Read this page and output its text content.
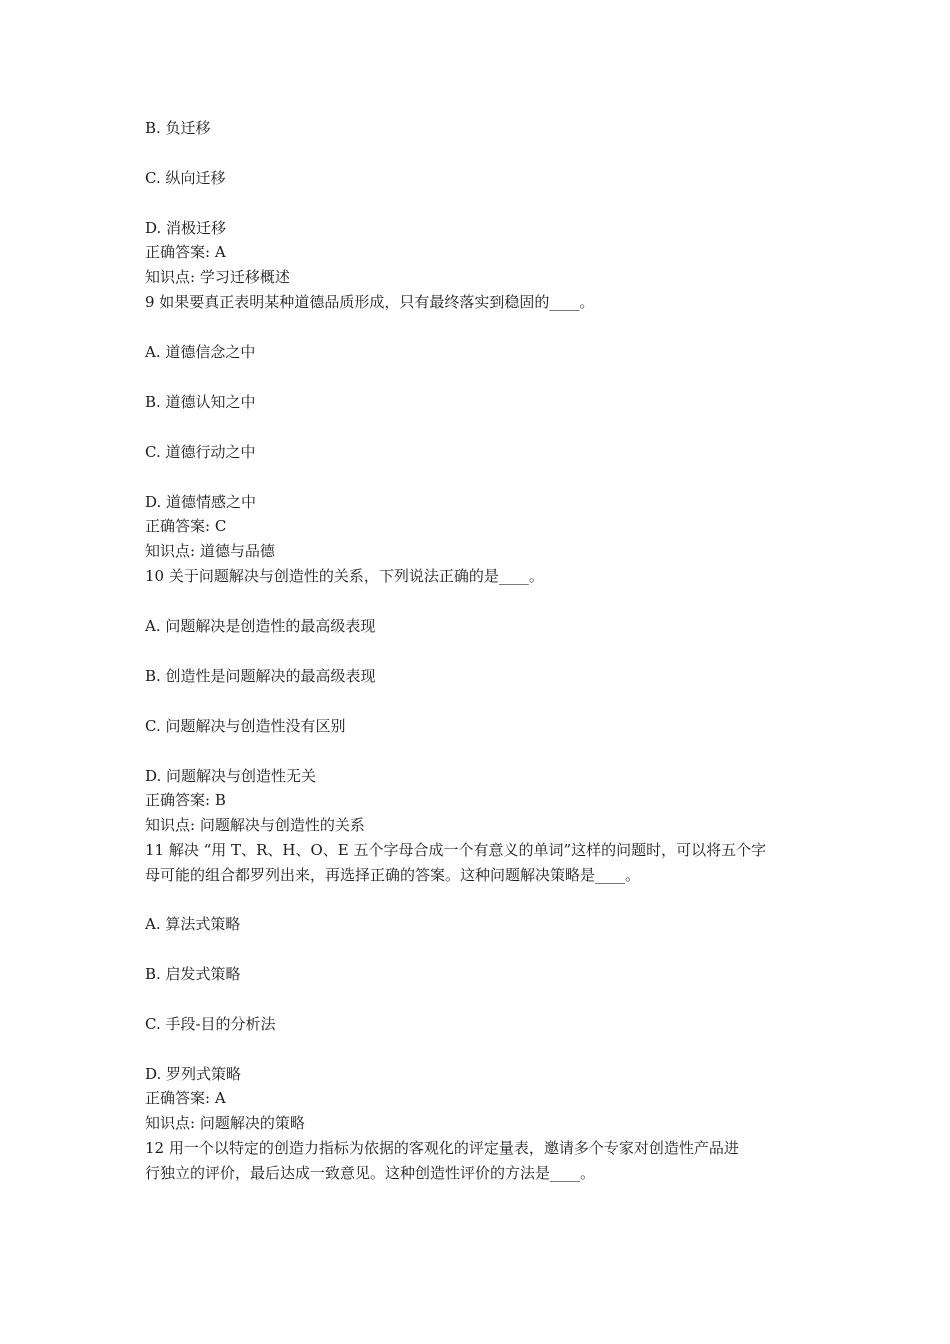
B. 负迁移
C. 纵向迁移
D. 消极迁移
正确答案: A
知识点: 学习迁移概述
9 如果要真正表明某种道德品质形成，只有最终落实到稳固的____。
A. 道德信念之中
B. 道德认知之中
C. 道德行动之中
D. 道德情感之中
正确答案: C
知识点: 道德与品德
10 关于问题解决与创造性的关系，下列说法正确的是____。
A. 问题解决是创造性的最高级表现
B. 创造性是问题解决的最高级表现
C. 问题解决与创造性没有区别
D. 问题解决与创造性无关
正确答案: B
知识点: 问题解决与创造性的关系
11 解决 “用 T、R、H、O、E 五个字母合成一个有意义的单词”这样的问题时，可以将五个字
母可能的组合都罗列出来，再选择正确的答案。这种问题解决策略是____。
A. 算法式策略
B. 启发式策略
C. 手段-目的分析法
D. 罗列式策略
正确答案: A
知识点: 问题解决的策略
12 用一个以特定的创造力指标为依据的客观化的评定量表，邀请多个专家对创造性产品进
行独立的评价，最后达成一致意见。这种创造性评价的方法是____。
